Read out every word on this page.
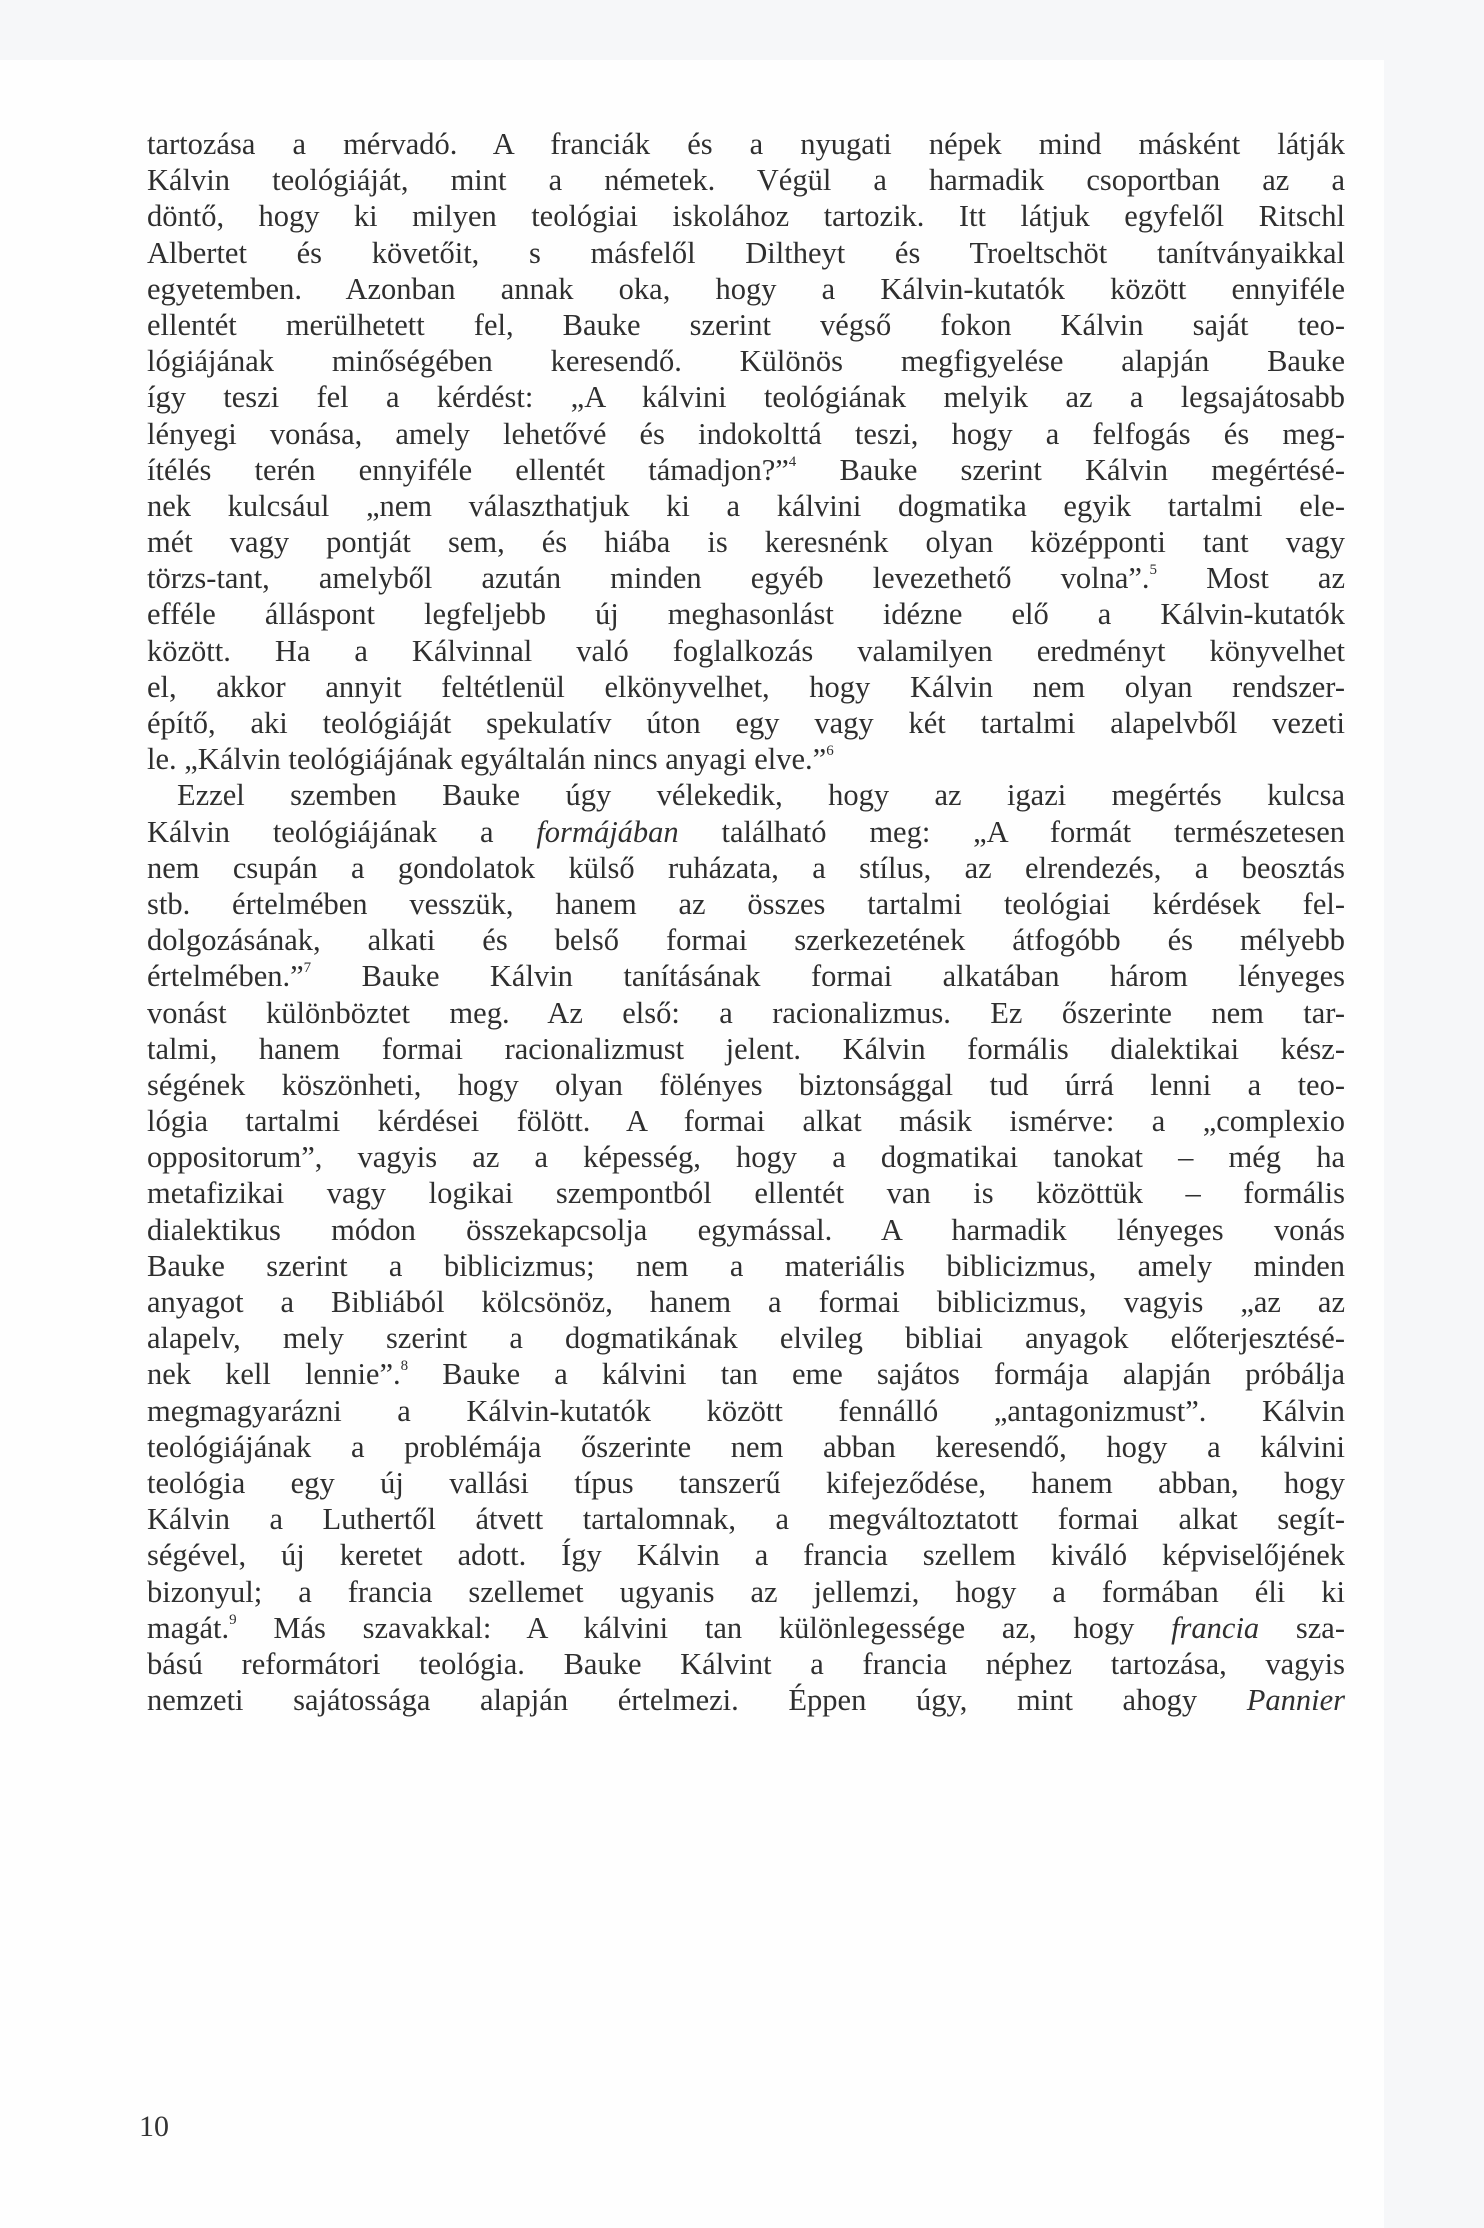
tartozása a mérvadó. A franciák és a nyugati népek mind másként látják
Kálvin teológiáját, mint a németek. Végül a harmadik csoportban az a
döntő, hogy ki milyen teológiai iskolához tartozik. Itt látjuk egyfelől Ritschl
Albertet és követőit, s másfelől Diltheyt és Troeltschöt tanítványaikkal
egyetemben. Azonban annak oka, hogy a Kálvin-kutatók között ennyiféle
ellentét merülhetett fel, Bauke szerint végső fokon Kálvin saját teo-
lógiájának minőségében keresendő. Különös megfigyelése alapján Bauke
így teszi fel a kérdést: „A kálvini teológiának melyik az a legsajátosabb
lényegi vonása, amely lehetővé és indokolttá teszi, hogy a felfogás és meg-
ítélés terén ennyiféle ellentét támadjon?”$^4$ Bauke szerint Kálvin megértésé-
nek kulcsául „nem választhatjuk ki a kálvini dogmatika egyik tartalmi ele-
mét vagy pontját sem, és hiába is keresnénk olyan középponti tant vagy
törzs-tant, amelyből azután minden egyéb levezethető volna”.$^5$ Most az
efféle álláspont legfeljebb új meghasonlást idézne elő a Kálvin-kutatók
között. Ha a Kálvinnal való foglalkozás valamilyen eredményt könyvelhet
el, akkor annyit feltétlenül elkönyvelhet, hogy Kálvin nem olyan rendszer-
építő, aki teológiáját spekulatív úton egy vagy két tartalmi alapelvből vezeti
le. „Kálvin teológiájának egyáltalán nincs anyagi elve.”$^6$
Ezzel szemben Bauke úgy vélekedik, hogy az igazi megértés kulcsa
Kálvin teológiájának a formájában található meg: „A formát természetesen
nem csupán a gondolatok külső ruházata, a stílus, az elrendezés, a beosztás
stb. értelmében vesszük, hanem az összes tartalmi teológiai kérdések fel-
dolgozásának, alkati és belső formai szerkezetének átfogóbb és mélyebb
értelmében.”$^7$ Bauke Kálvin tanításának formai alkatában három lényeges
vonást különböztet meg. Az első: a racionalizmus. Ez őszerinte nem tar-
talmi, hanem formai racionalizmust jelent. Kálvin formális dialektikai kész-
ségének köszönheti, hogy olyan fölényes biztonsággal tud úrrá lenni a teo-
lógia tartalmi kérdései fölött. A formai alkat másik ismérve: a „complexio
oppositorum”, vagyis az a képesség, hogy a dogmatikai tanokat – még ha
metafizikai vagy logikai szempontból ellentét van is közöttük – formális
dialektikus módon összekapcsolja egymással. A harmadik lényeges vonás
Bauke szerint a biblicizmus; nem a materiális biblicizmus, amely minden
anyagot a Bibliából kölcsönöz, hanem a formai biblicizmus, vagyis „az az
alapelv, mely szerint a dogmatikának elvileg bibliai anyagok előterjesztésé-
nek kell lennie”.$^8$ Bauke a kálvini tan eme sajátos formája alapján próbálja
megmagyarázni a Kálvin-kutatók között fennálló „antagonizmust”. Kálvin
teológiájának a problémája őszerinte nem abban keresendő, hogy a kálvini
teológia egy új vallási típus tanszerű kifejeződése, hanem abban, hogy
Kálvin a Luthertől átvett tartalomnak, a megváltoztatott formai alkat segít-
ségével, új keretet adott. Így Kálvin a francia szellem kiváló képviselőjének
bizonyul; a francia szellemet ugyanis az jellemzi, hogy a formában éli ki
magát.$^9$ Más szavakkal: A kálvini tan különlegessége az, hogy francia sza-
bású reformátori teológia. Bauke Kálvint a francia néphez tartozása, vagyis
nemzeti sajátossága alapján értelmezi. Éppen úgy, mint ahogy Pannier
10
